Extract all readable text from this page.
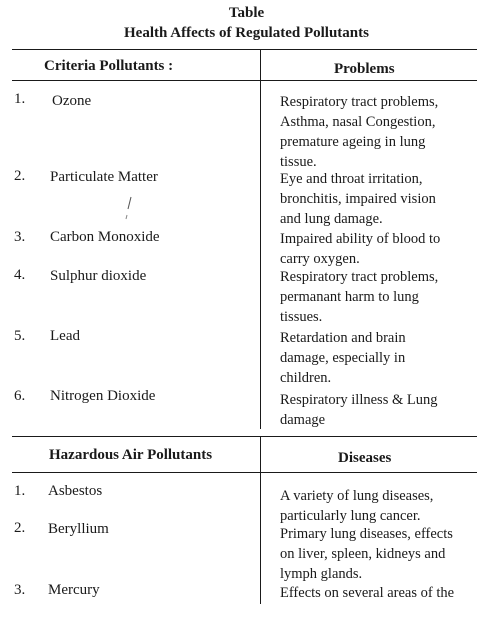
Table
Health Affects of Regulated Pollutants
Criteria Pollutants :	Problems
1. Ozone	Respiratory tract problems,
Asthma, nasal Congestion,
premature ageing in lung
tissue.
2. Particulate Matter	Eye and throat irritation,
bronchitis, impaired vision
and lung damage.
3. Carbon Monoxide	Impaired ability of blood to
carry oxygen.
4. Sulphur dioxide	Respiratory tract problems,
permanant harm to lung
tissues.
5. Lead	Retardation and brain
damage, especially in
children.
6. Nitrogen Dioxide	Respiratory illness & Lung
damage
Hazardous Air Pollutants	Diseases
1. Asbestos	A variety of lung diseases,
particularly lung cancer.
2. Beryllium	Primary lung diseases, effects
on liver, spleen, kidneys and
lymph glands.
3. Mercury	Effects on several areas of the
